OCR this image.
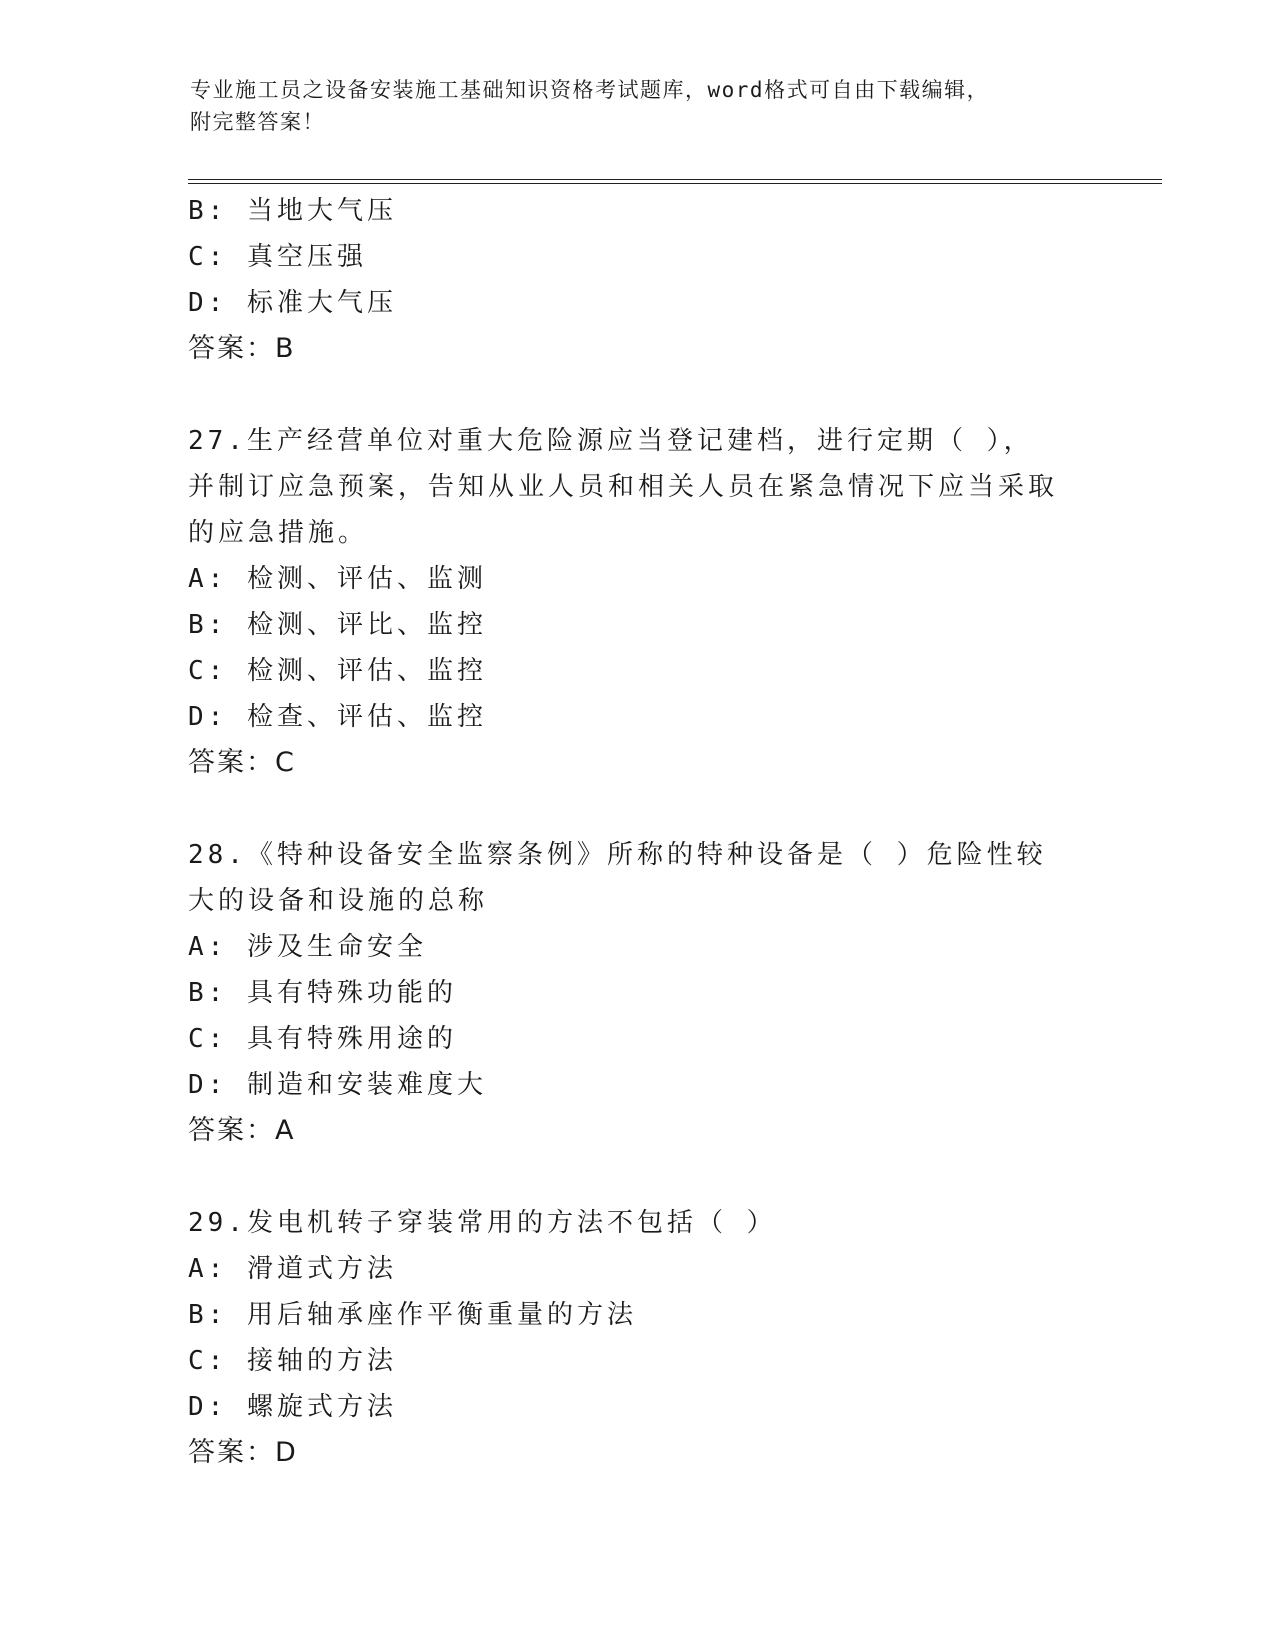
专业施工员之设备安装施工基础知识资格考试题库，word格式可自由下载编辑，
附完整答案！
B: 当地大气压
C: 真空压强
D: 标准大气压
答案：B
27.生产经营单位对重大危险源应当登记建档，进行定期（ ），并制订应急预案，告知从业人员和相关人员在紧急情况下应当采取的应急措施。
A: 检测、评估、监测
B: 检测、评比、监控
C: 检测、评估、监控
D: 检查、评估、监控
答案：C
28.《特种设备安全监察条例》所称的特种设备是（ ）危险性较大的设备和设施的总称
A: 涉及生命安全
B: 具有特殊功能的
C: 具有特殊用途的
D: 制造和安装难度大
答案：A
29.发电机转子穿装常用的方法不包括（ ）
A: 滑道式方法
B: 用后轴承座作平衡重量的方法
C: 接轴的方法
D: 螺旋式方法
答案：D
